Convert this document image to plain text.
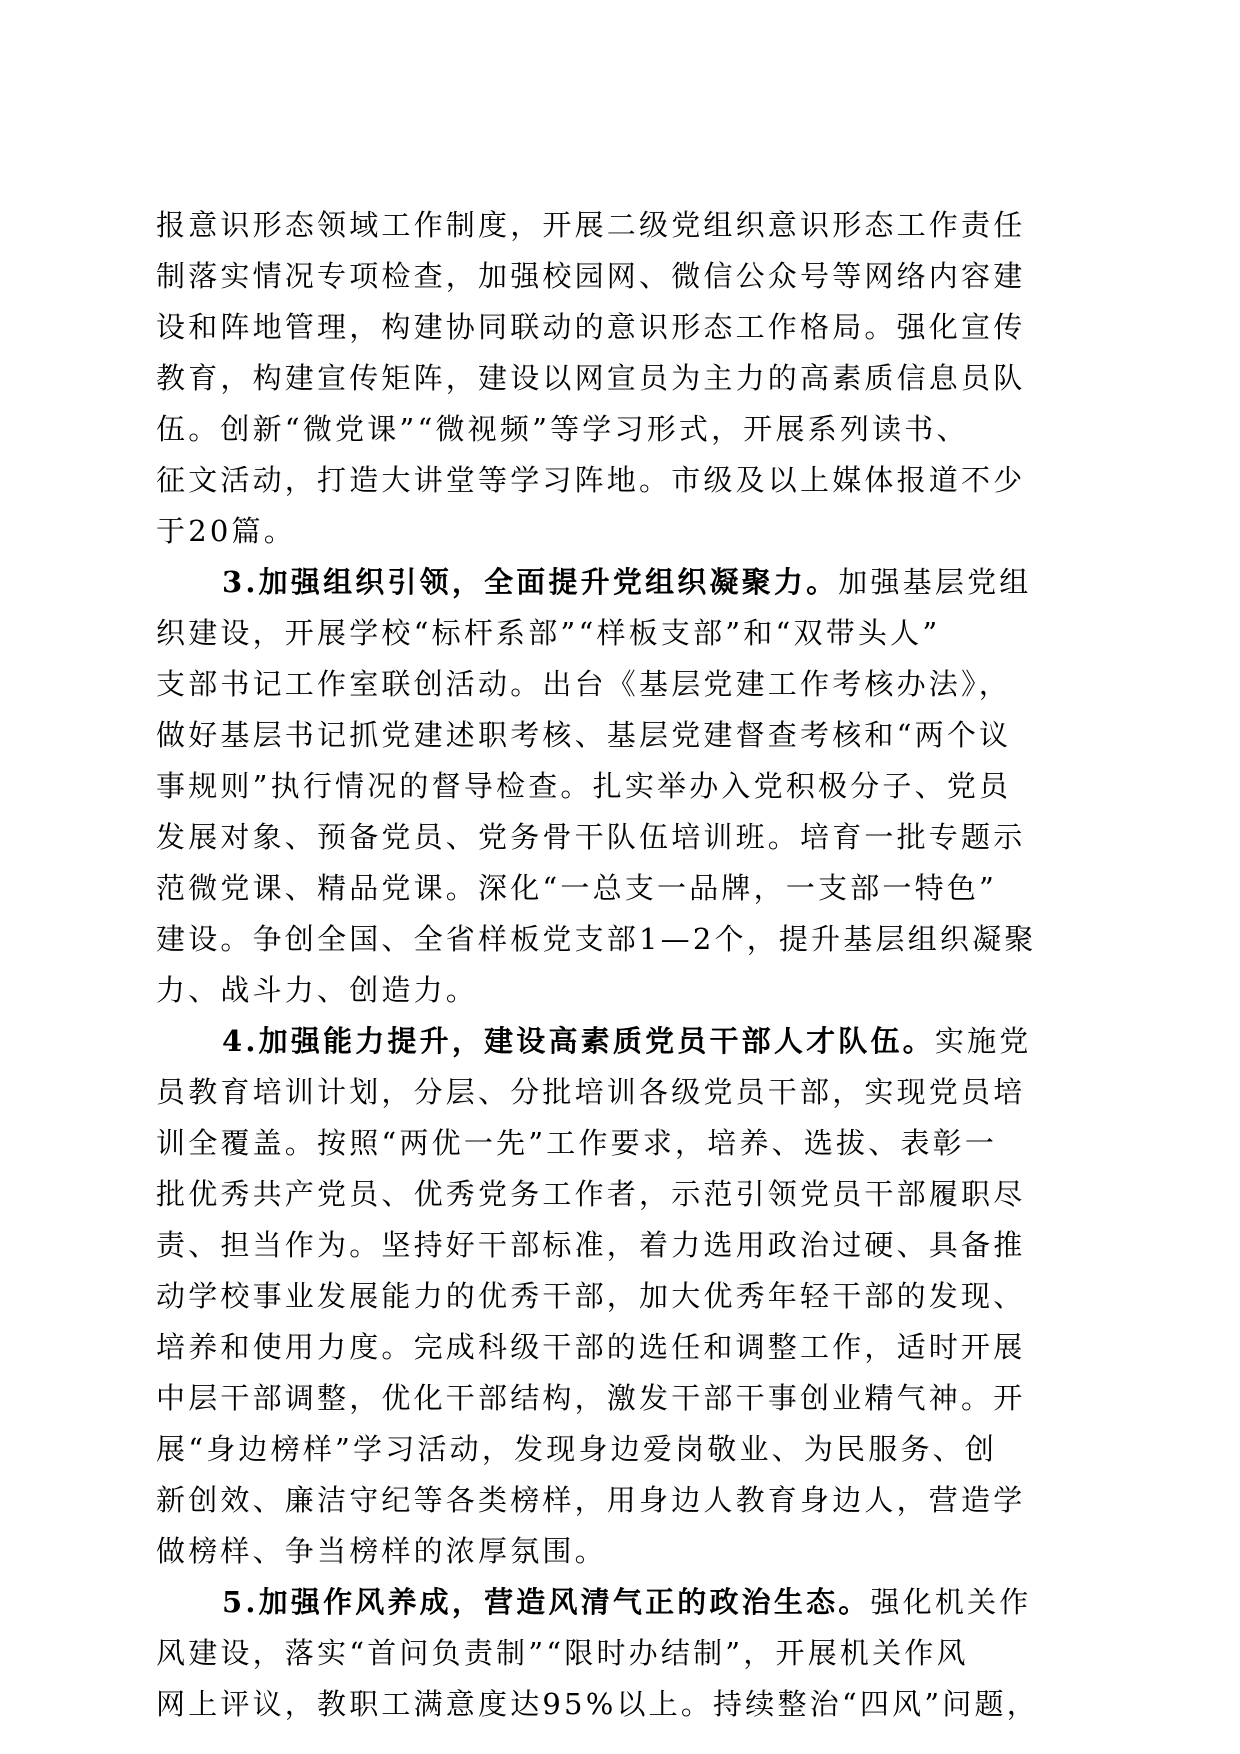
报意识形态领域工作制度，开展二级党组织意识形态工作责任
制落实情况专项检查，加强校园网、微信公众号等网络内容建
设和阵地管理，构建协同联动的意识形态工作格局。强化宣传
教育，构建宣传矩阵，建设以网宣员为主力的高素质信息员队
伍。创新“微党课”“微视频”等学习形式，开展系列读书、
征文活动，打造大讲堂等学习阵地。市级及以上媒体报道不少
于20篇。
3.加强组织引领，全面提升党组织凝聚力。加强基层党组
织建设，开展学校“标杆系部”“样板支部”和“双带头人”
支部书记工作室联创活动。出台《基层党建工作考核办法》，
做好基层书记抓党建述职考核、基层党建督查考核和“两个议
事规则”执行情况的督导检查。扎实举办入党积极分子、党员
发展对象、预备党员、党务骨干队伍培训班。培育一批专题示
范微党课、精品党课。深化“一总支一品牌，一支部一特色”
建设。争创全国、全省样板党支部1—2个，提升基层组织凝聚
力、战斗力、创造力。
4.加强能力提升，建设高素质党员干部人才队伍。实施党
员教育培训计划，分层、分批培训各级党员干部，实现党员培
训全覆盖。按照“两优一先”工作要求，培养、选拔、表彰一
批优秀共产党员、优秀党务工作者，示范引领党员干部履职尽
责、担当作为。坚持好干部标准，着力选用政治过硬、具备推
动学校事业发展能力的优秀干部，加大优秀年轻干部的发现、
培养和使用力度。完成科级干部的选任和调整工作，适时开展
中层干部调整，优化干部结构，激发干部干事创业精气神。开
展“身边榜样”学习活动，发现身边爱岗敬业、为民服务、创
新创效、廉洁守纪等各类榜样，用身边人教育身边人，营造学
做榜样、争当榜样的浓厚氛围。
5.加强作风养成，营造风清气正的政治生态。强化机关作
风建设，落实“首问负责制”“限时办结制”，开展机关作风
网上评议，教职工满意度达95%以上。持续整治“四风”问题，
